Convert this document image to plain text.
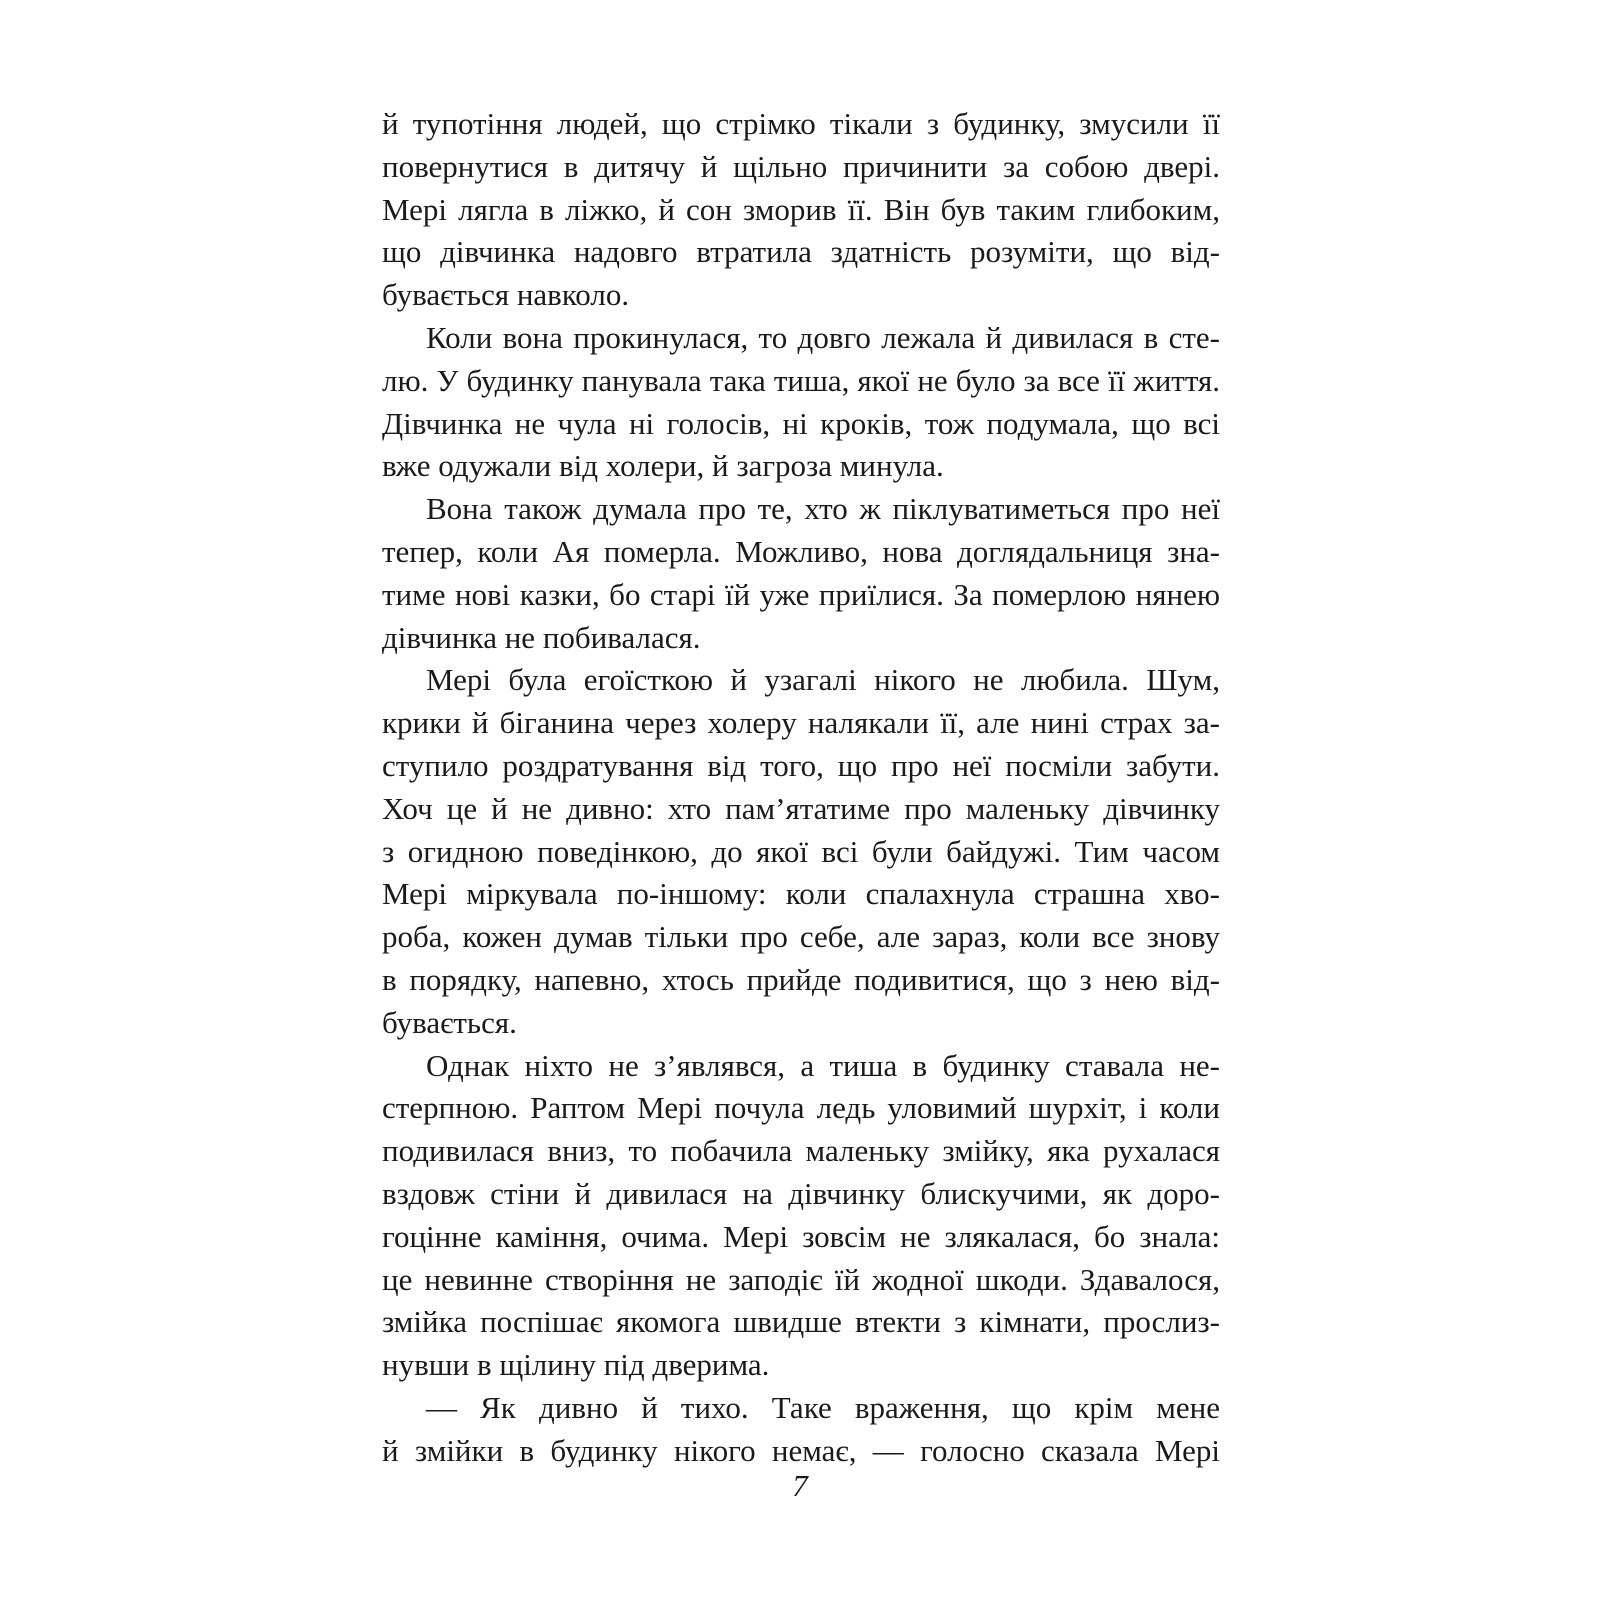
й тупотіння людей, що стрімко тікали з будинку, змусили її
повернутися в дитячу й щільно причинити за собою двері.
Мері лягла в ліжко, й сон зморив її. Він був таким глибоким,
що дівчинка надовго втратила здатність розуміти, що від-
бувається навколо.
Коли вона прокинулася, то довго лежала й дивилася в сте-
лю. У будинку панувала така тиша, якої не було за все її життя.
Дівчинка не чула ні голосів, ні кроків, тож подумала, що всі
вже одужали від холери, й загроза минула.
Вона також думала про те, хто ж піклуватиметься про неї
тепер, коли Ая померла. Можливо, нова доглядальниця зна-
тиме нові казки, бо старі їй уже приїлися. За померлою нянею
дівчинка не побивалася.
Мері була егоїсткою й узагалі нікого не любила. Шум,
крики й біганина через холеру налякали її, але нині страх за-
ступило роздратування від того, що про неї посміли забути.
Хоч це й не дивно: хто пам’ятатиме про маленьку дівчинку
з огидною поведінкою, до якої всі були байдужі. Тим часом
Мері міркувала по-іншому: коли спалахнула страшна хво-
роба, кожен думав тільки про себе, але зараз, коли все знову
в порядку, напевно, хтось прийде подивитися, що з нею від-
бувається.
Однак ніхто не з’являвся, а тиша в будинку ставала не-
стерпною. Раптом Мері почула ледь уловимий шурхіт, і коли
подивилася вниз, то побачила маленьку змійку, яка рухалася
вздовж стіни й дивилася на дівчинку блискучими, як доро-
гоцінне каміння, очима. Мері зовсім не злякалася, бо знала:
це невинне створіння не заподіє їй жодної шкоди. Здавалося,
змійка поспішає якомога швидше втекти з кімнати, прослиз-
нувши в щілину під дверима.
— Як дивно й тихо. Таке враження, що крім мене
й змійки в будинку нікого немає, — голосно сказала Мері
7
